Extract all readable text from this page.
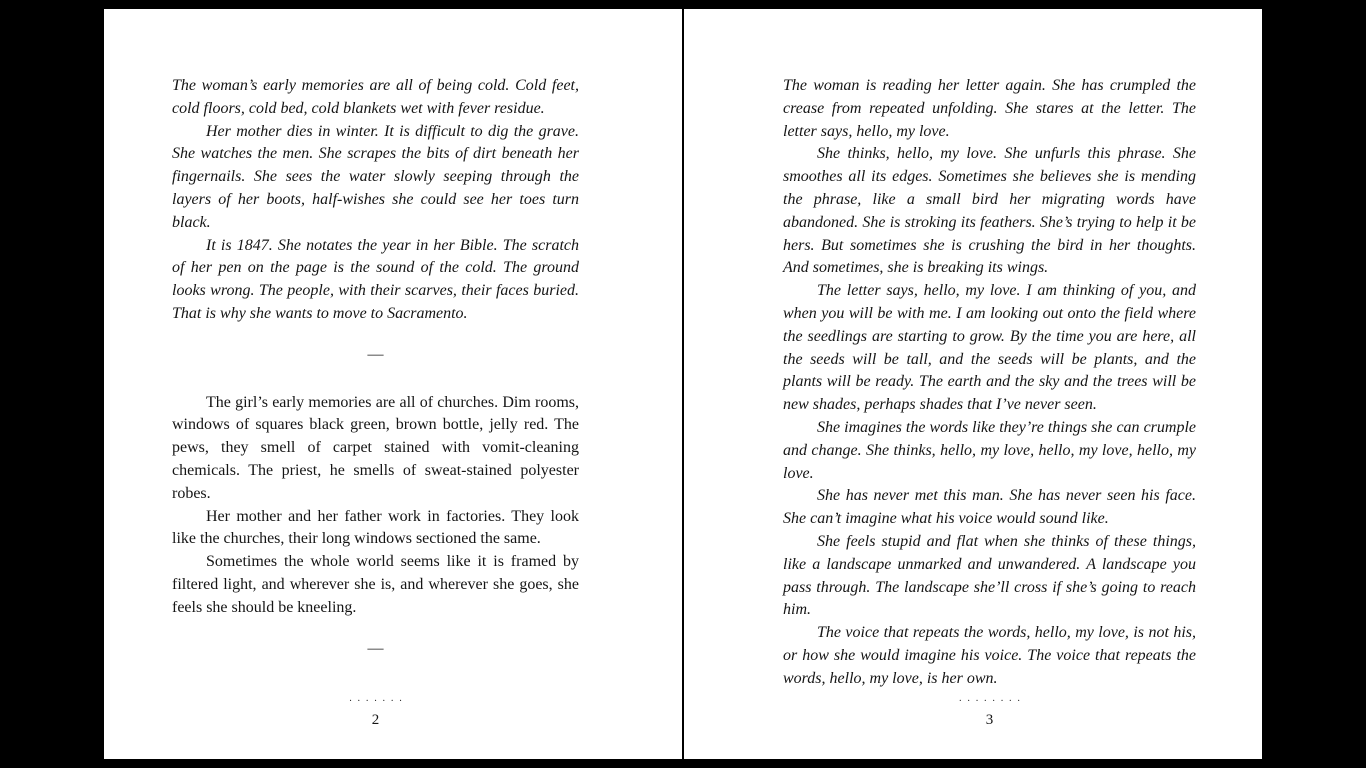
The woman’s early memories are all of being cold. Cold feet, cold floors, cold bed, cold blankets wet with fever residue.

Her mother dies in winter. It is difficult to dig the grave. She watches the men. She scrapes the bits of dirt beneath her fingernails. She sees the water slowly seeping through the layers of her boots, half-wishes she could see her toes turn black.

It is 1847. She notates the year in her Bible. The scratch of her pen on the page is the sound of the cold. The ground looks wrong. The people, with their scarves, their faces buried. That is why she wants to move to Sacramento.

—

The girl’s early memories are all of churches. Dim rooms, windows of squares black green, brown bottle, jelly red. The pews, they smell of carpet stained with vomit-cleaning chemicals. The priest, he smells of sweat-stained polyester robes.

Her mother and her father work in factories. They look like the churches, their long windows sectioned the same.

Sometimes the whole world seems like it is framed by filtered light, and wherever she is, and wherever she goes, she feels she should be kneeling.

—
·······
2

The woman is reading her letter again. She has crumpled the crease from repeated unfolding. She stares at the letter. The letter says, hello, my love.

She thinks, hello, my love. She unfurls this phrase. She smoothes all its edges. Sometimes she believes she is mending the phrase, like a small bird her migrating words have abandoned. She is stroking its feathers. She’s trying to help it be hers. But sometimes she is crushing the bird in her thoughts. And sometimes, she is breaking its wings.

The letter says, hello, my love. I am thinking of you, and when you will be with me. I am looking out onto the field where the seedlings are starting to grow. By the time you are here, all the seeds will be tall, and the seeds will be plants, and the plants will be ready. The earth and the sky and the trees will be new shades, perhaps shades that I’ve never seen.

She imagines the words like they’re things she can crumple and change. She thinks, hello, my love, hello, my love, hello, my love.

She has never met this man. She has never seen his face. She can’t imagine what his voice would sound like.

She feels stupid and flat when she thinks of these things, like a landscape unmarked and unwandered. A landscape you pass through. The landscape she’ll cross if she’s going to reach him.

The voice that repeats the words, hello, my love, is not his, or how she would imagine his voice. The voice that repeats the words, hello, my love, is her own.

········
3
